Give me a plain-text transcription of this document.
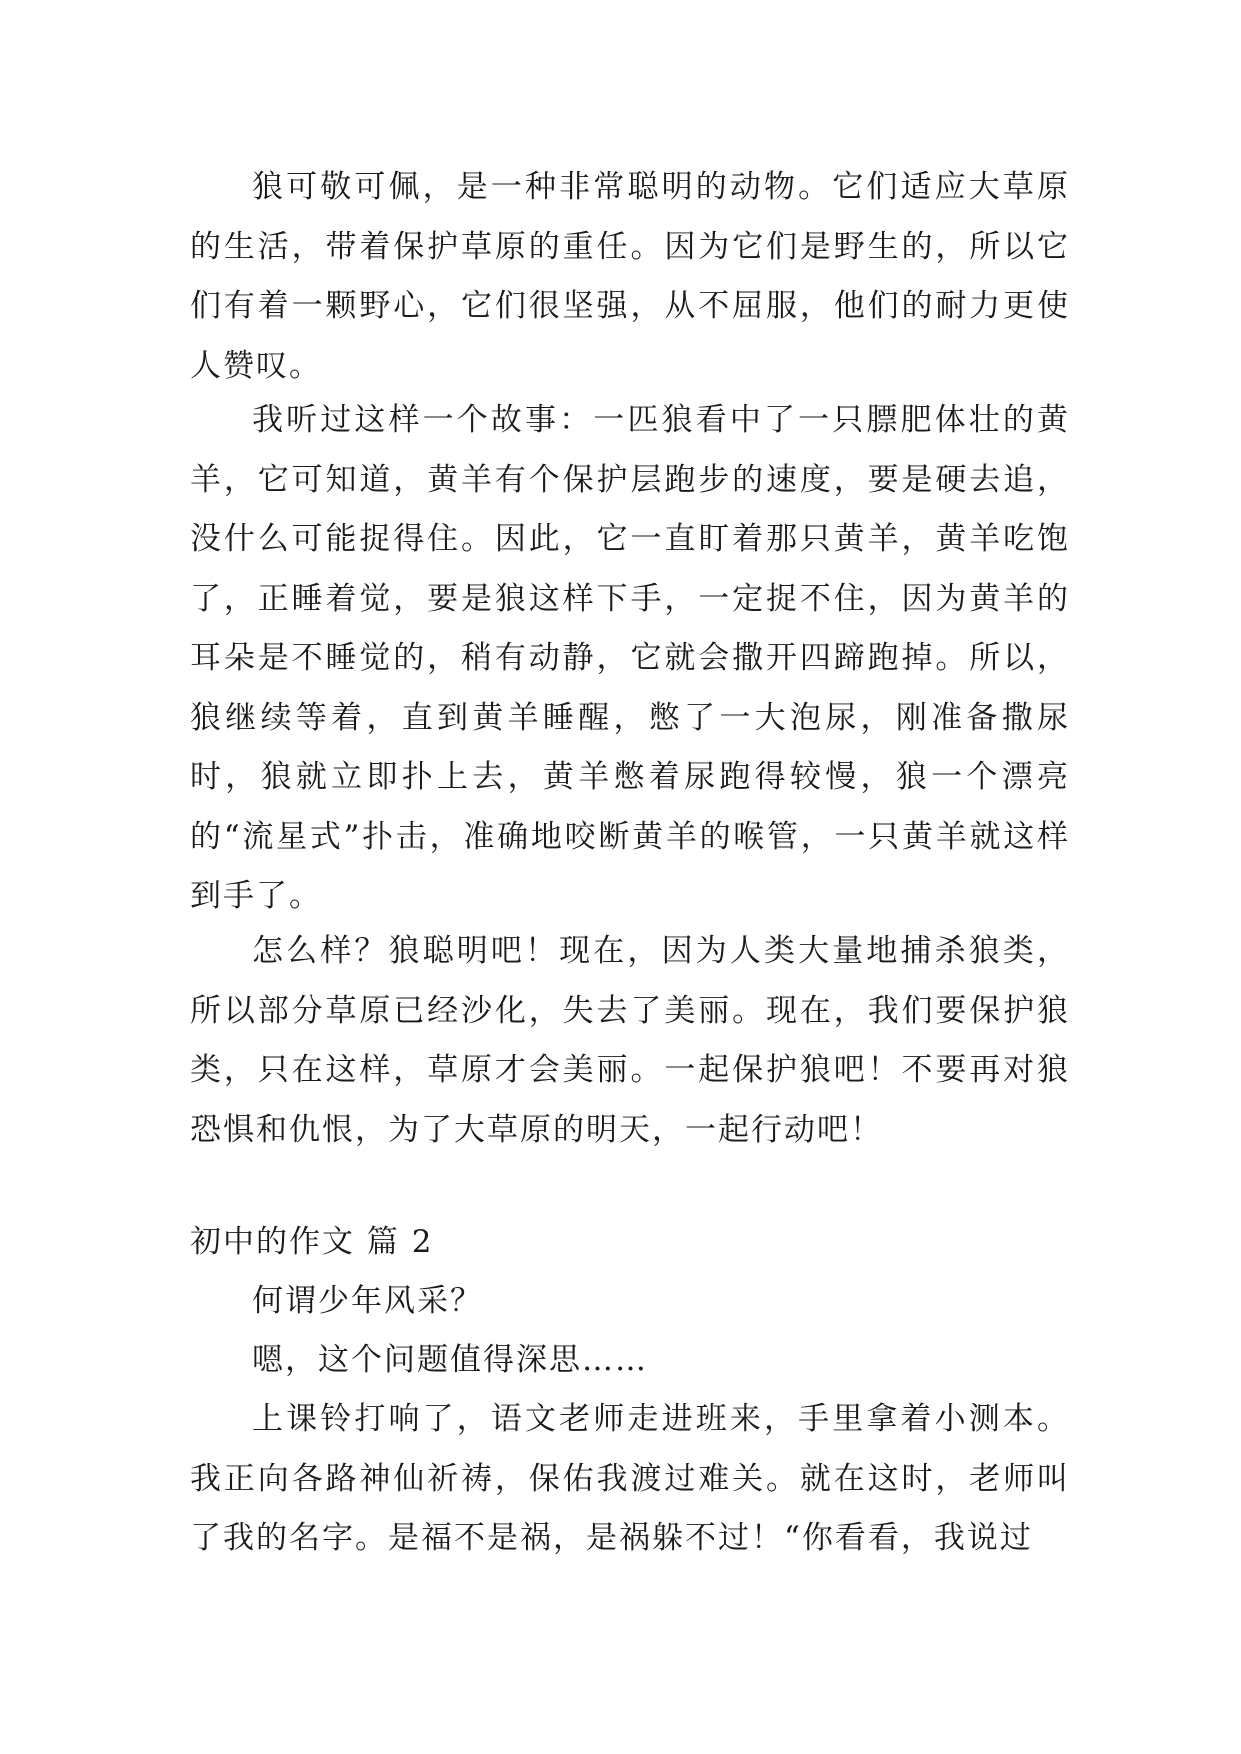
狼可敬可佩，是一种非常聪明的动物。它们适应大草原的生活，带着保护草原的重任。因为它们是野生的，所以它们有着一颗野心，它们很坚强，从不屈服，他们的耐力更使人赞叹。

我听过这样一个故事：一匹狼看中了一只膘肥体壮的黄羊，它可知道，黄羊有个保护层跑步的速度，要是硬去追，没什么可能捉得住。因此，它一直盯着那只黄羊，黄羊吃饱了，正睡着觉，要是狼这样下手，一定捉不住，因为黄羊的耳朵是不睡觉的，稍有动静，它就会撒开四蹄跑掉。所以，狼继续等着，直到黄羊睡醒，憋了一大泡尿，刚准备撒尿时，狼就立即扑上去，黄羊憋着尿跑得较慢，狼一个漂亮的“流星式”扑击，准确地咬断黄羊的喉管，一只黄羊就这样到手了。

怎么样？狼聪明吧！现在，因为人类大量地捕杀狼类，所以部分草原已经沙化，失去了美丽。现在，我们要保护狼类，只在这样，草原才会美丽。一起保护狼吧！不要再对狼恐惧和仇恨，为了大草原的明天，一起行动吧！

初中的作文 篇 2

何谓少年风采？

嗯，这个问题值得深思……

上课铃打响了，语文老师走进班来，手里拿着小测本。我正向各路神仙祈祷，保佑我渡过难关。就在这时，老师叫了我的名字。是福不是祸，是祸躲不过！“你看看，我说过
